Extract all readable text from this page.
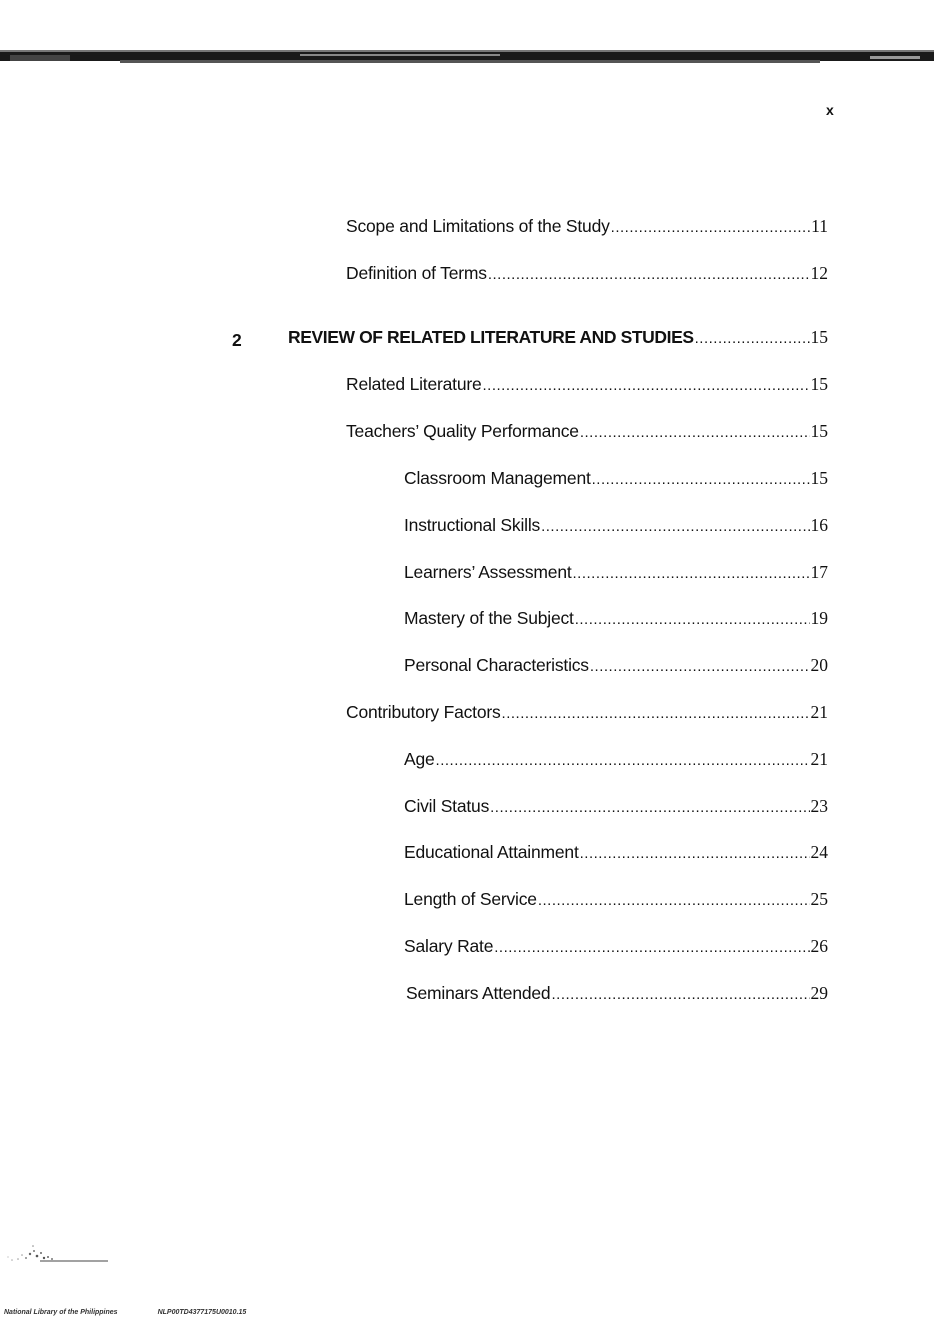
x
Scope and Limitations of the Study .....	11
Definition of Terms .....	12
2	REVIEW OF RELATED LITERATURE AND STUDIES .....	15
Related Literature .....	15
Teachers’ Quality Performance .....	15
Classroom Management .....	15
Instructional Skills .....	16
Learners’ Assessment .....	17
Mastery of the Subject .....	19
Personal Characteristics .....	20
Contributory Factors .....	21
Age .....	21
Civil Status .....	23
Educational Attainment .....	24
Length of Service .....	25
Salary Rate .....	26
Seminars Attended .....	29
National Library of the Philippines	NLP00TD4377175U0010.15
